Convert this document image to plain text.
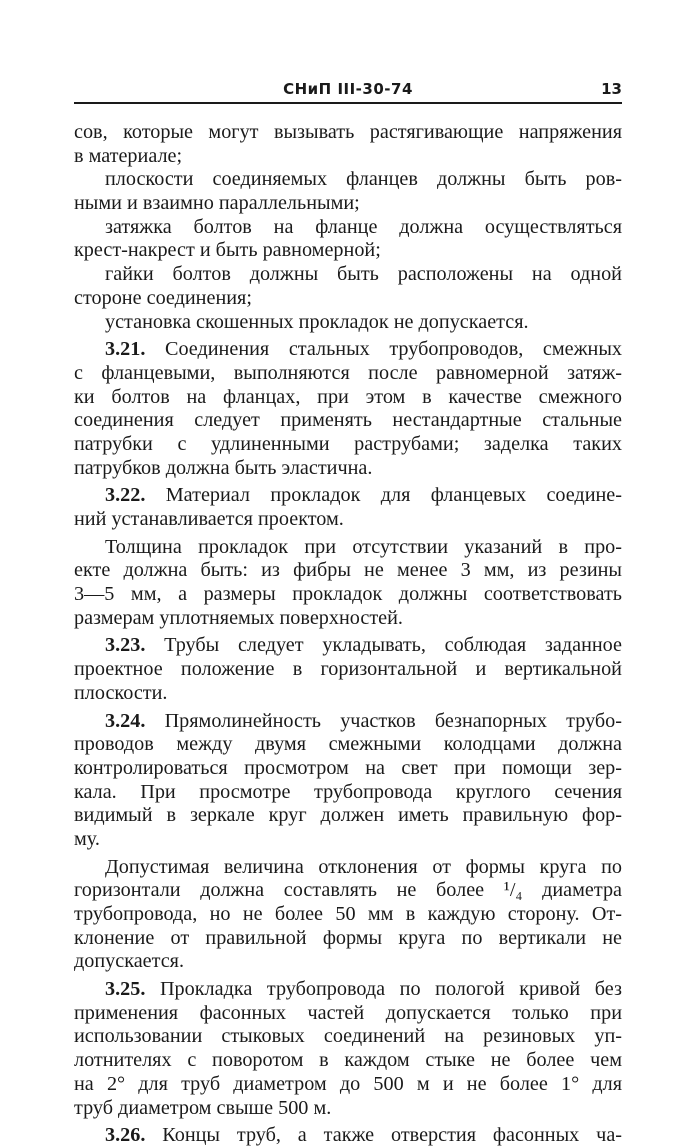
СНиП III-30-74	13
сов, которые могут вызывать растягивающие напряжения
в материале;
плоскости соединяемых фланцев должны быть ров-
ными и взаимно параллельными;
затяжка болтов на фланце должна осуществляться
крест-накрест и быть равномерной;
гайки болтов должны быть расположены на одной
стороне соединения;
установка скошенных прокладок не допускается.
3.21. Соединения стальных трубопроводов, смежных
с фланцевыми, выполняются после равномерной затяж-
ки болтов на фланцах, при этом в качестве смежного
соединения следует применять нестандартные стальные
патрубки с удлиненными раструбами; заделка таких
патрубков должна быть эластична.
3.22. Материал прокладок для фланцевых соедине-
ний устанавливается проектом.
Толщина прокладок при отсутствии указаний в про-
екте должна быть: из фибры не менее 3 мм, из резины
3—5 мм, а размеры прокладок должны соответствовать
размерам уплотняемых поверхностей.
3.23. Трубы следует укладывать, соблюдая заданное
проектное положение в горизонтальной и вертикальной
плоскости.
3.24. Прямолинейность участков безнапорных трубо-
проводов между двумя смежными колодцами должна
контролироваться просмотром на свет при помощи зер-
кала. При просмотре трубопровода круглого сечения
видимый в зеркале круг должен иметь правильную фор-
му.
Допустимая величина отклонения от формы круга по
горизонтали должна составлять не более ¹/₄ диаметра
трубопровода, но не более 50 мм в каждую сторону. От-
клонение от правильной формы круга по вертикали не
допускается.
3.25. Прокладка трубопровода по пологой кривой без
применения фасонных частей допускается только при
использовании стыковых соединений на резиновых уп-
лотнителях с поворотом в каждом стыке не более чем
на 2° для труб диаметром до 500 м и не более 1° для
труб диаметром свыше 500 м.
3.26. Концы труб, а также отверстия фасонных ча-
